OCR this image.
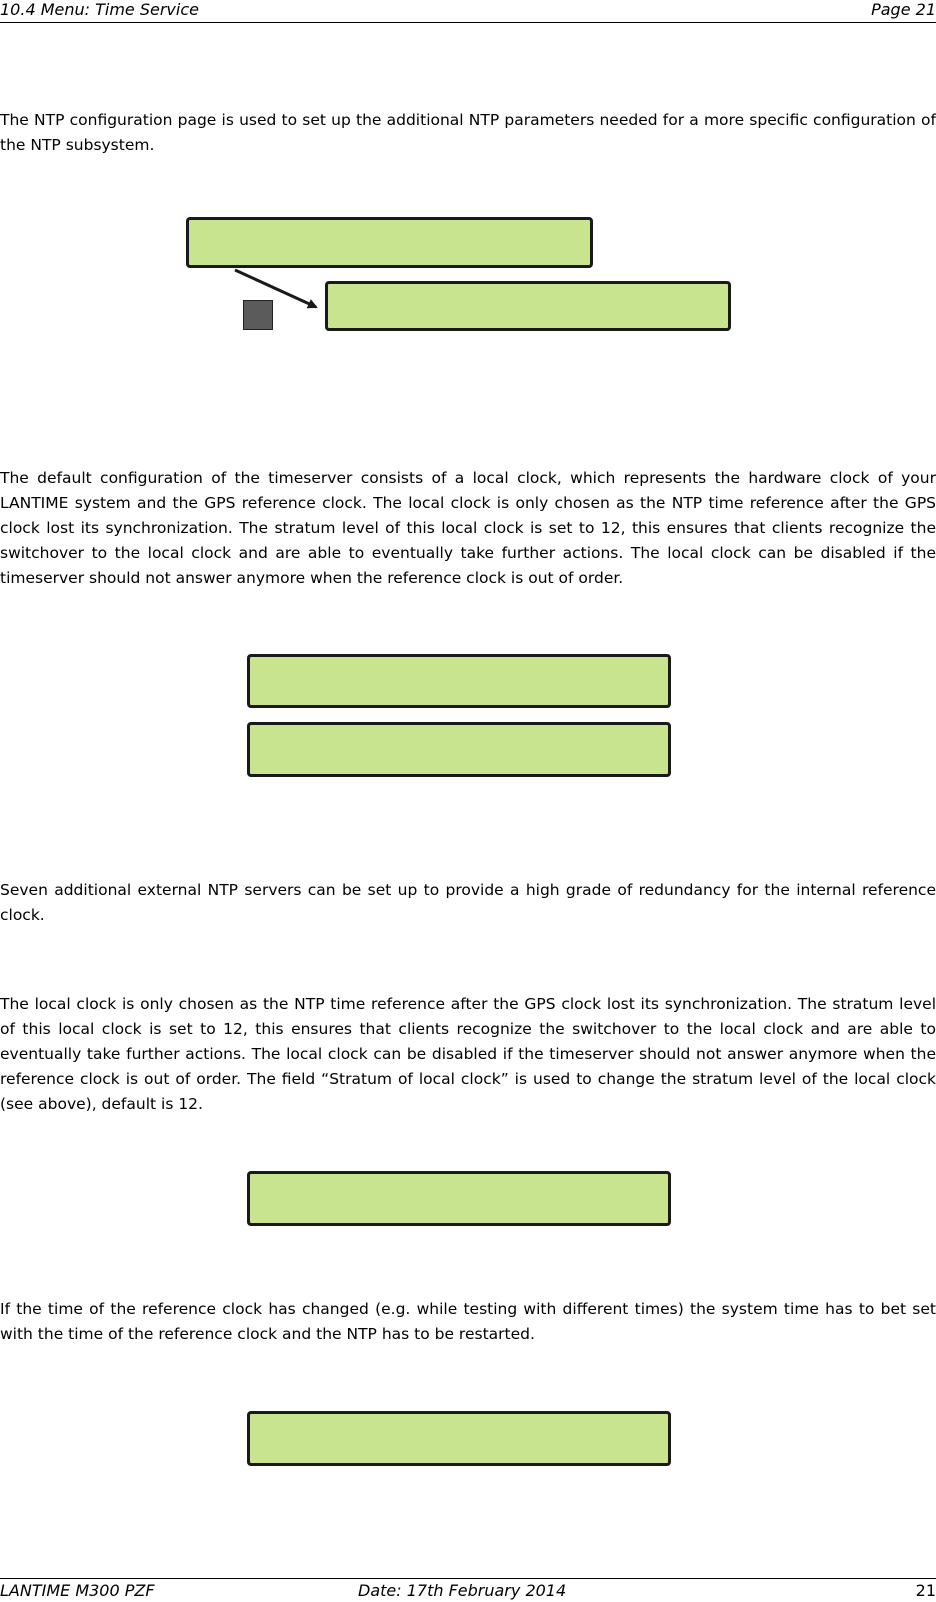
10.4 Menu: Time Service	Page 21

The NTP configuration page is used to set up the additional NTP parameters needed for a more specific configuration of the NTP subsystem.

The default configuration of the timeserver consists of a local clock, which represents the hardware clock of your LANTIME system and the GPS reference clock. The local clock is only chosen as the NTP time reference after the GPS clock lost its synchronization. The stratum level of this local clock is set to 12, this ensures that clients recognize the switchover to the local clock and are able to eventually take further actions. The local clock can be disabled if the timeserver should not answer anymore when the reference clock is out of order.

Seven additional external NTP servers can be set up to provide a high grade of redundancy for the internal reference clock.

The local clock is only chosen as the NTP time reference after the GPS clock lost its synchronization. The stratum level of this local clock is set to 12, this ensures that clients recognize the switchover to the local clock and are able to eventually take further actions. The local clock can be disabled if the timeserver should not answer anymore when the reference clock is out of order. The field “Stratum of local clock” is used to change the stratum level of the local clock (see above), default is 12.

If the time of the reference clock has changed (e.g. while testing with different times) the system time has to bet set with the time of the reference clock and the NTP has to be restarted.

LANTIME M300 PZF	Date: 17th February 2014	21
